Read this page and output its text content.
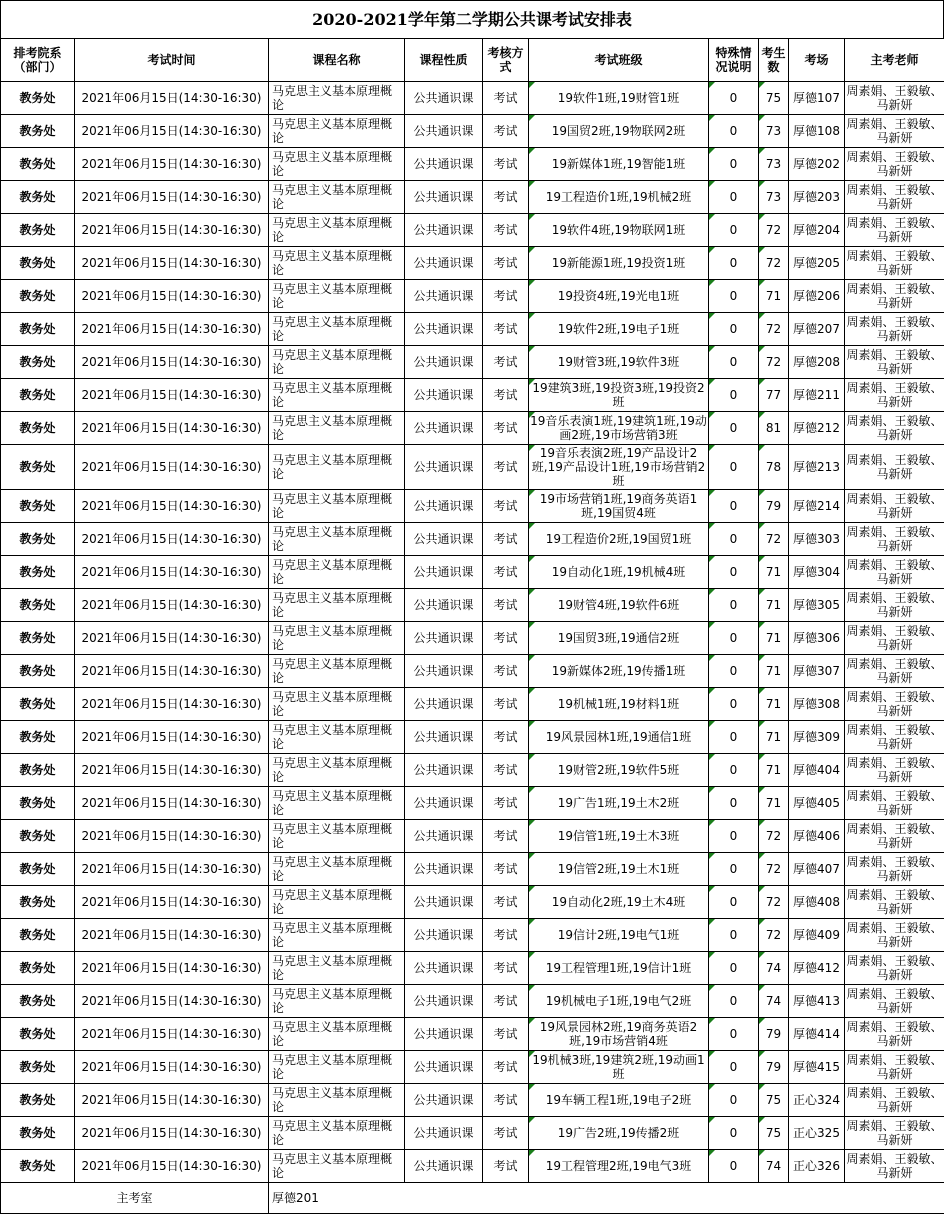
2020-2021学年第二学期公共课考试安排表
排考院系（部门）	考试时间	课程名称	课程性质	考核方式	考试班级	特殊情况说明	考生数	考场	主考老师
教务处	2021年06月15日(14:30-16:30)	马克思主义基本原理概论	公共通识课	考试	19软件1班,19财管1班	0	75	厚德107	周素娟、王毅敏、马新妍
教务处	2021年06月15日(14:30-16:30)	马克思主义基本原理概论	公共通识课	考试	19国贸2班,19物联网2班	0	73	厚德108	周素娟、王毅敏、马新妍
教务处	2021年06月15日(14:30-16:30)	马克思主义基本原理概论	公共通识课	考试	19新媒体1班,19智能1班	0	73	厚德202	周素娟、王毅敏、马新妍
教务处	2021年06月15日(14:30-16:30)	马克思主义基本原理概论	公共通识课	考试	19工程造价1班,19机械2班	0	73	厚德203	周素娟、王毅敏、马新妍
教务处	2021年06月15日(14:30-16:30)	马克思主义基本原理概论	公共通识课	考试	19软件4班,19物联网1班	0	72	厚德204	周素娟、王毅敏、马新妍
教务处	2021年06月15日(14:30-16:30)	马克思主义基本原理概论	公共通识课	考试	19新能源1班,19投资1班	0	72	厚德205	周素娟、王毅敏、马新妍
教务处	2021年06月15日(14:30-16:30)	马克思主义基本原理概论	公共通识课	考试	19投资4班,19光电1班	0	71	厚德206	周素娟、王毅敏、马新妍
教务处	2021年06月15日(14:30-16:30)	马克思主义基本原理概论	公共通识课	考试	19软件2班,19电子1班	0	72	厚德207	周素娟、王毅敏、马新妍
教务处	2021年06月15日(14:30-16:30)	马克思主义基本原理概论	公共通识课	考试	19财管3班,19软件3班	0	72	厚德208	周素娟、王毅敏、马新妍
教务处	2021年06月15日(14:30-16:30)	马克思主义基本原理概论	公共通识课	考试	19建筑3班,19投资3班,19投资2班	0	77	厚德211	周素娟、王毅敏、马新妍
教务处	2021年06月15日(14:30-16:30)	马克思主义基本原理概论	公共通识课	考试	19音乐表演1班,19建筑1班,19动画2班,19市场营销3班	0	81	厚德212	周素娟、王毅敏、马新妍
教务处	2021年06月15日(14:30-16:30)	马克思主义基本原理概论	公共通识课	考试	19音乐表演2班,19产品设计2班,19产品设计1班,19市场营销2班	0	78	厚德213	周素娟、王毅敏、马新妍
教务处	2021年06月15日(14:30-16:30)	马克思主义基本原理概论	公共通识课	考试	19市场营销1班,19商务英语1班,19国贸4班	0	79	厚德214	周素娟、王毅敏、马新妍
教务处	2021年06月15日(14:30-16:30)	马克思主义基本原理概论	公共通识课	考试	19工程造价2班,19国贸1班	0	72	厚德303	周素娟、王毅敏、马新妍
教务处	2021年06月15日(14:30-16:30)	马克思主义基本原理概论	公共通识课	考试	19自动化1班,19机械4班	0	71	厚德304	周素娟、王毅敏、马新妍
教务处	2021年06月15日(14:30-16:30)	马克思主义基本原理概论	公共通识课	考试	19财管4班,19软件6班	0	71	厚德305	周素娟、王毅敏、马新妍
教务处	2021年06月15日(14:30-16:30)	马克思主义基本原理概论	公共通识课	考试	19国贸3班,19通信2班	0	71	厚德306	周素娟、王毅敏、马新妍
教务处	2021年06月15日(14:30-16:30)	马克思主义基本原理概论	公共通识课	考试	19新媒体2班,19传播1班	0	71	厚德307	周素娟、王毅敏、马新妍
教务处	2021年06月15日(14:30-16:30)	马克思主义基本原理概论	公共通识课	考试	19机械1班,19材料1班	0	71	厚德308	周素娟、王毅敏、马新妍
教务处	2021年06月15日(14:30-16:30)	马克思主义基本原理概论	公共通识课	考试	19风景园林1班,19通信1班	0	71	厚德309	周素娟、王毅敏、马新妍
教务处	2021年06月15日(14:30-16:30)	马克思主义基本原理概论	公共通识课	考试	19财管2班,19软件5班	0	71	厚德404	周素娟、王毅敏、马新妍
教务处	2021年06月15日(14:30-16:30)	马克思主义基本原理概论	公共通识课	考试	19广告1班,19土木2班	0	71	厚德405	周素娟、王毅敏、马新妍
教务处	2021年06月15日(14:30-16:30)	马克思主义基本原理概论	公共通识课	考试	19信管1班,19土木3班	0	72	厚德406	周素娟、王毅敏、马新妍
教务处	2021年06月15日(14:30-16:30)	马克思主义基本原理概论	公共通识课	考试	19信管2班,19土木1班	0	72	厚德407	周素娟、王毅敏、马新妍
教务处	2021年06月15日(14:30-16:30)	马克思主义基本原理概论	公共通识课	考试	19自动化2班,19土木4班	0	72	厚德408	周素娟、王毅敏、马新妍
教务处	2021年06月15日(14:30-16:30)	马克思主义基本原理概论	公共通识课	考试	19信计2班,19电气1班	0	72	厚德409	周素娟、王毅敏、马新妍
教务处	2021年06月15日(14:30-16:30)	马克思主义基本原理概论	公共通识课	考试	19工程管理1班,19信计1班	0	74	厚德412	周素娟、王毅敏、马新妍
教务处	2021年06月15日(14:30-16:30)	马克思主义基本原理概论	公共通识课	考试	19机械电子1班,19电气2班	0	74	厚德413	周素娟、王毅敏、马新妍
教务处	2021年06月15日(14:30-16:30)	马克思主义基本原理概论	公共通识课	考试	19风景园林2班,19商务英语2班,19市场营销4班	0	79	厚德414	周素娟、王毅敏、马新妍
教务处	2021年06月15日(14:30-16:30)	马克思主义基本原理概论	公共通识课	考试	19机械3班,19建筑2班,19动画1班	0	79	厚德415	周素娟、王毅敏、马新妍
教务处	2021年06月15日(14:30-16:30)	马克思主义基本原理概论	公共通识课	考试	19车辆工程1班,19电子2班	0	75	正心324	周素娟、王毅敏、马新妍
教务处	2021年06月15日(14:30-16:30)	马克思主义基本原理概论	公共通识课	考试	19广告2班,19传播2班	0	75	正心325	周素娟、王毅敏、马新妍
教务处	2021年06月15日(14:30-16:30)	马克思主义基本原理概论	公共通识课	考试	19工程管理2班,19电气3班	0	74	正心326	周素娟、王毅敏、马新妍
主考室		厚德201							
